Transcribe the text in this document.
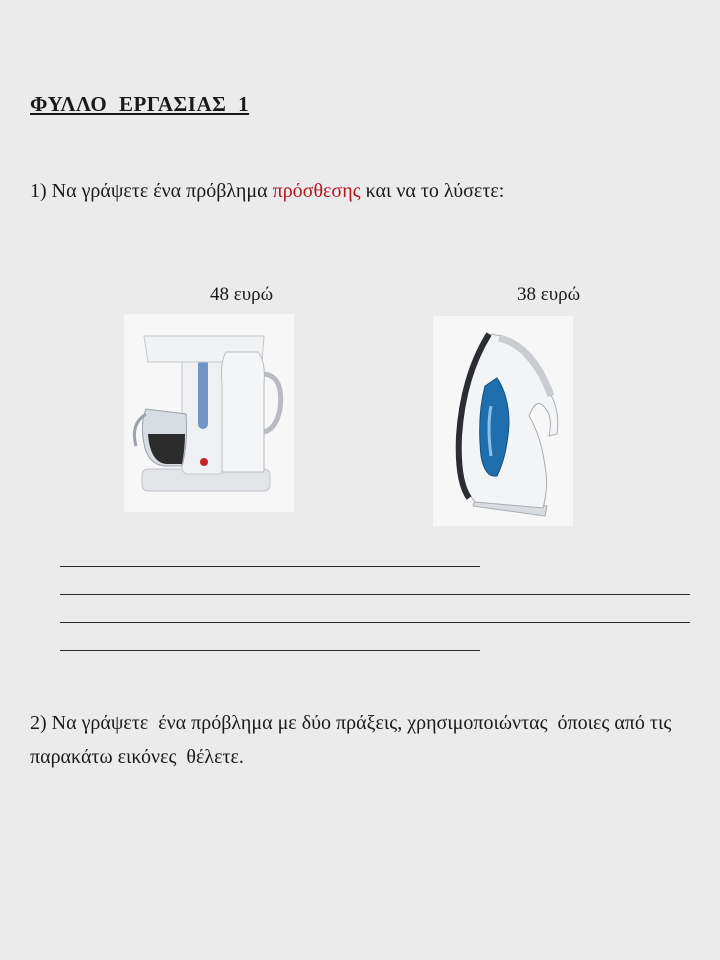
ΦΥΛΛΟ ΕΡΓΑΣΙΑΣ 1
1) Να γράψετε ένα πρόβλημα πρόσθεσης και να το λύσετε:
48 ευρώ	38 ευρώ
2) Να γράψετε  ένα πρόβλημα με δύο πράξεις, χρησιμοποιώντας  όποιες από τις
παρακάτω εικόνες  θέλετε.
